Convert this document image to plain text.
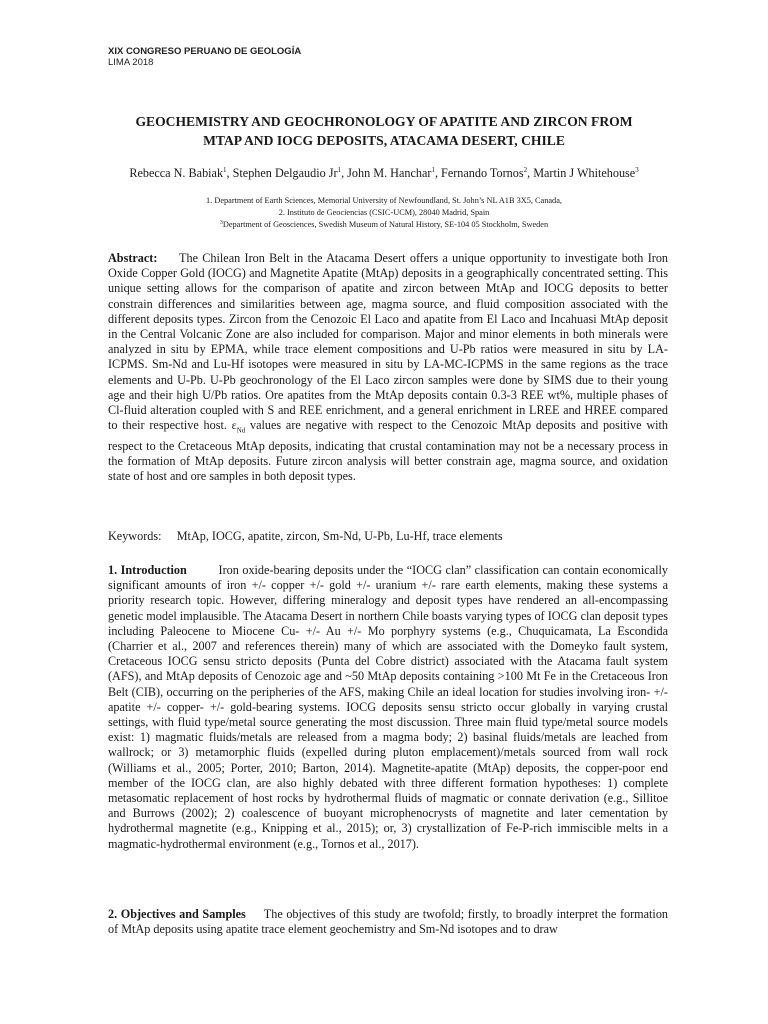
XIX CONGRESO PERUANO DE GEOLOGÍA
LIMA 2018
GEOCHEMISTRY AND GEOCHRONOLOGY OF APATITE AND ZIRCON FROM
MTAP AND IOCG DEPOSITS, ATACAMA DESERT, CHILE
Rebecca N. Babiak$^1$, Stephen Delgaudio Jr$^1$, John M. Hanchar$^1$, Fernando Tornos$^2$, Martin J Whitehouse$^3$
1. Department of Earth Sciences, Memorial University of Newfoundland, St. John’s NL A1B 3X5, Canada,
2. Instituto de Geociencias (CSIC-UCM), 28040 Madrid, Spain
$^3$Department of Geosciences, Swedish Museum of Natural History, SE-104 05 Stockholm, Sweden
Abstract: The Chilean Iron Belt in the Atacama Desert offers a unique opportunity to investigate both Iron Oxide Copper Gold (IOCG) and Magnetite Apatite (MtAp) deposits in a geographically concentrated setting. This unique setting allows for the comparison of apatite and zircon between MtAp and IOCG deposits to better constrain differences and similarities between age, magma source, and fluid composition associated with the different deposits types. Zircon from the Cenozoic El Laco and apatite from El Laco and Incahuasi MtAp deposit in the Central Volcanic Zone are also included for comparison. Major and minor elements in both minerals were analyzed in situ by EPMA, while trace element compositions and U-Pb ratios were measured in situ by LA-ICPMS. Sm-Nd and Lu-Hf isotopes were measured in situ by LA-MC-ICPMS in the same regions as the trace elements and U-Pb. U-Pb geochronology of the El Laco zircon samples were done by SIMS due to their young age and their high U/Pb ratios. Ore apatites from the MtAp deposits contain 0.3-3 REE wt%, multiple phases of Cl-fluid alteration coupled with S and REE enrichment, and a general enrichment in LREE and HREE compared to their respective host. $\varepsilon_{Nd}$ values are negative with respect to the Cenozoic MtAp deposits and positive with respect to the Cretaceous MtAp deposits, indicating that crustal contamination may not be a necessary process in the formation of MtAp deposits. Future zircon analysis will better constrain age, magma source, and oxidation state of host and ore samples in both deposit types.
Keywords: MtAp, IOCG, apatite, zircon, Sm-Nd, U-Pb, Lu-Hf, trace elements
1. Introduction	Iron oxide-bearing deposits under the “IOCG clan” classification can contain economically significant amounts of iron +/- copper +/- gold +/- uranium +/- rare earth elements, making these systems a priority research topic. However, differing mineralogy and deposit types have rendered an all-encompassing genetic model implausible. The Atacama Desert in northern Chile boasts varying types of IOCG clan deposit types including Paleocene to Miocene Cu- +/- Au +/- Mo porphyry systems (e.g., Chuquicamata, La Escondida (Charrier et al., 2007 and references therein) many of which are associated with the Domeyko fault system, Cretaceous IOCG sensu stricto deposits (Punta del Cobre district) associated with the Atacama fault system (AFS), and MtAp deposits of Cenozoic age and ~50 MtAp deposits containing >100 Mt Fe in the Cretaceous Iron Belt (CIB), occurring on the peripheries of the AFS, making Chile an ideal location for studies involving iron- +/- apatite +/- copper- +/- gold-bearing systems. IOCG deposits sensu stricto occur globally in varying crustal settings, with fluid type/metal source generating the most discussion. Three main fluid type/metal source models exist: 1) magmatic fluids/metals are released from a magma body; 2) basinal fluids/metals are leached from wallrock; or 3) metamorphic fluids (expelled during pluton emplacement)/metals sourced from wall rock (Williams et al., 2005; Porter, 2010; Barton, 2014). Magnetite-apatite (MtAp) deposits, the copper-poor end member of the IOCG clan, are also highly debated with three different formation hypotheses: 1) complete metasomatic replacement of host rocks by hydrothermal fluids of magmatic or connate derivation (e.g., Sillitoe and Burrows (2002); 2) coalescence of buoyant microphenocrysts of magnetite and later cementation by hydrothermal magnetite (e.g., Knipping et al., 2015); or, 3) crystallization of Fe-P-rich immiscible melts in a magmatic-hydrothermal environment (e.g., Tornos et al., 2017).
2. Objectives and Samples The objectives of this study are twofold; firstly, to broadly interpret the formation of MtAp deposits using apatite trace element geochemistry and Sm-Nd isotopes and to draw
